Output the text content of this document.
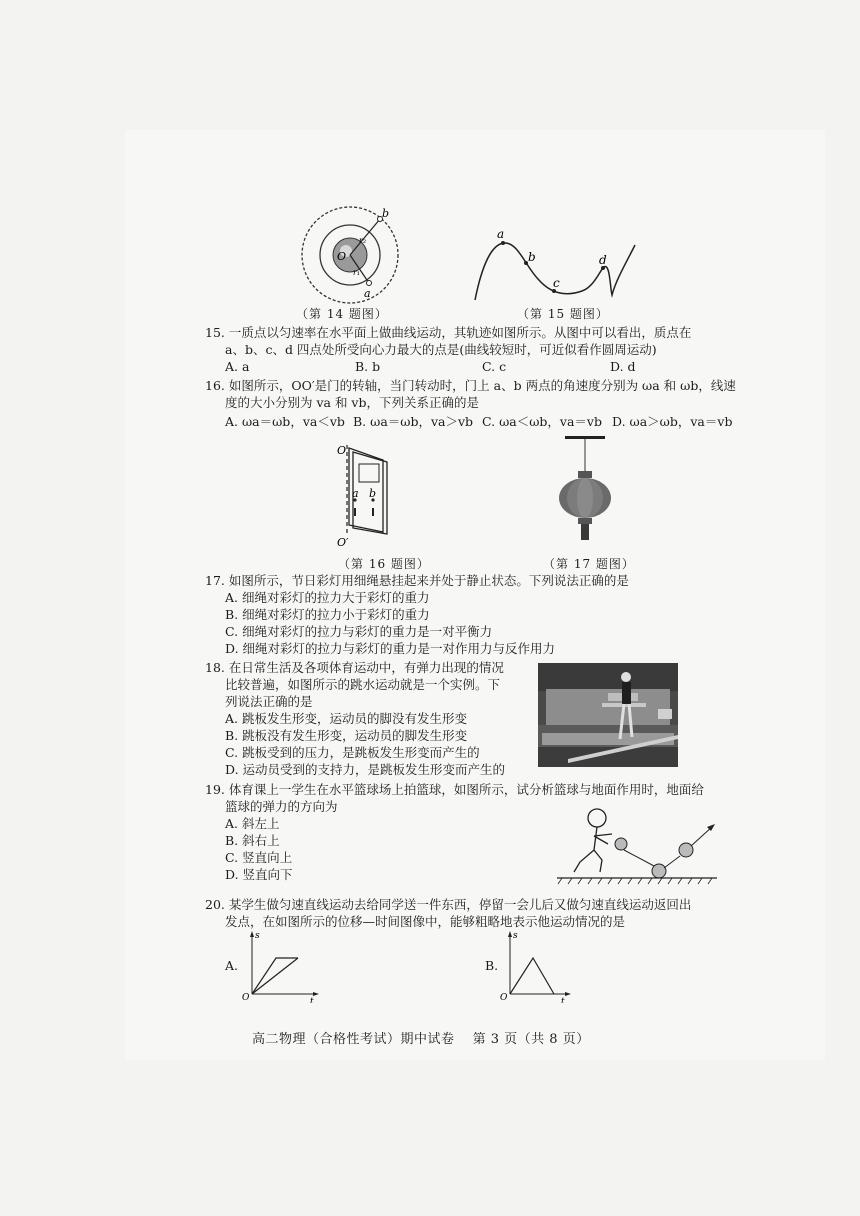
b
a
O
r₂
r₁
（第 14 题图）
a
b
c
d
（第 15 题图）
15. 一质点以匀速率在水平面上做曲线运动，其轨迹如图所示。从图中可以看出，质点在
a、b、c、d 四点处所受向心力最大的点是(曲线较短时，可近似看作圆周运动)
A. a	B. b	C. c	D. d
16. 如图所示，OO′是门的转轴，当门转动时，门上 a、b 两点的角速度分别为 ωa 和 ωb，线速
度的大小分别为 va 和 vb，下列关系正确的是
A. ωa＝ωb，va＜vb B. ωa＝ωb，va＞vb C. ωa＜ωb，va＝vb D. ωa＞ωb，va＝vb
O
O′
a b
（第 16 题图）	（第 17 题图）
17. 如图所示，节日彩灯用细绳悬挂起来并处于静止状态。下列说法正确的是
A. 细绳对彩灯的拉力大于彩灯的重力
B. 细绳对彩灯的拉力小于彩灯的重力
C. 细绳对彩灯的拉力与彩灯的重力是一对平衡力
D. 细绳对彩灯的拉力与彩灯的重力是一对作用力与反作用力
18. 在日常生活及各项体育运动中，有弹力出现的情况
比较普遍，如图所示的跳水运动就是一个实例。下
列说法正确的是
A. 跳板发生形变，运动员的脚没有发生形变
B. 跳板没有发生形变，运动员的脚发生形变
C. 跳板受到的压力，是跳板发生形变而产生的
D. 运动员受到的支持力，是跳板发生形变而产生的
19. 体育课上一学生在水平篮球场上拍篮球，如图所示，试分析篮球与地面作用时，地面给
篮球的弹力的方向为
A. 斜左上
B. 斜右上
C. 竖直向上
D. 竖直向下
20. 某学生做匀速直线运动去给同学送一件东西，停留一会儿后又做匀速直线运动返回出
发点，在如图所示的位移—时间图像中，能够粗略地表示他运动情况的是
A.
s
t
O
B.
s
t
O
高二物理（合格性考试）期中试卷　 第 3 页（共 8 页）
